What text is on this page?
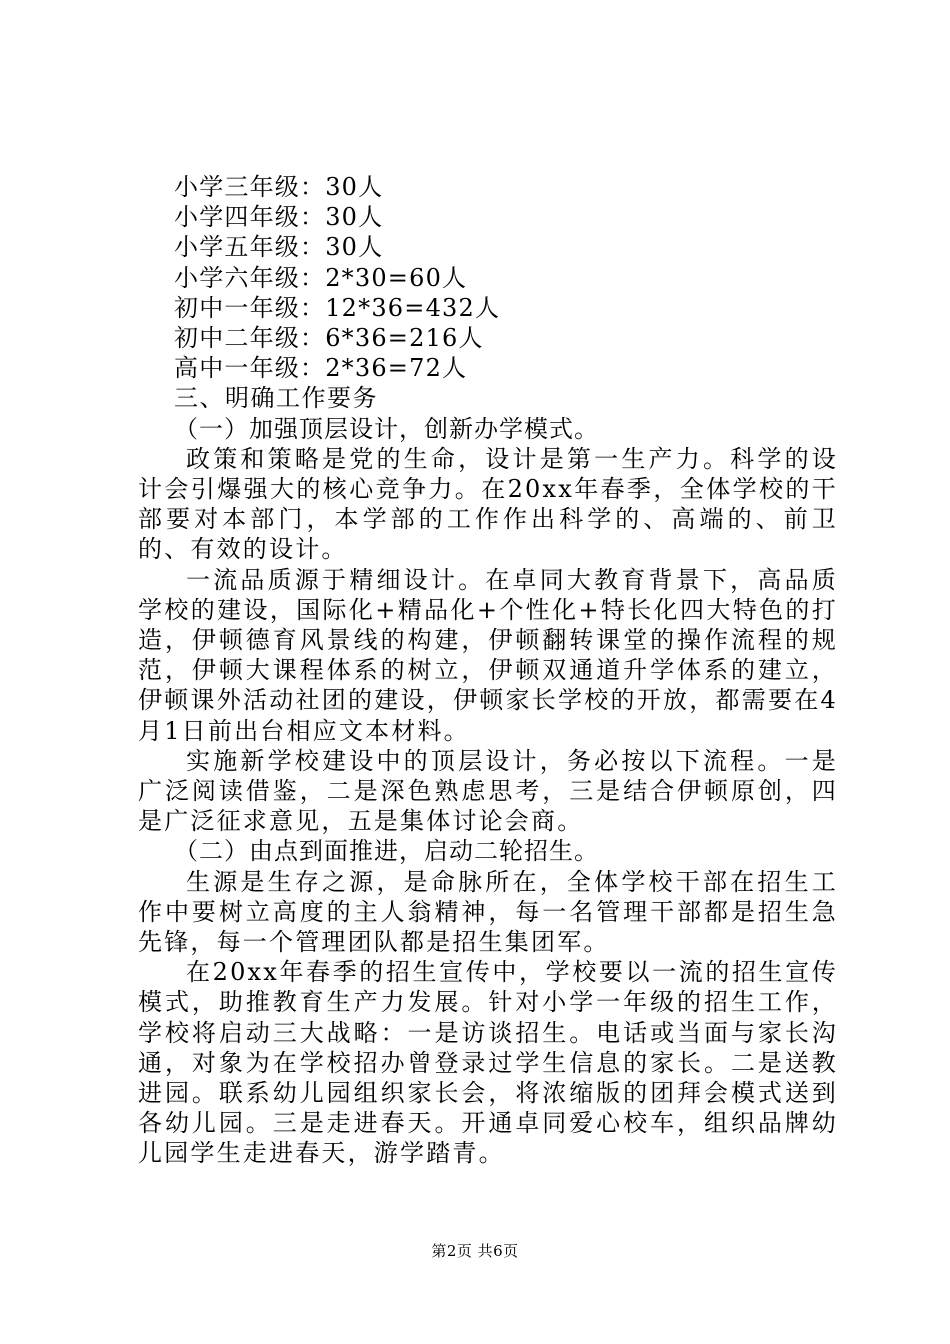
小学三年级：30人
小学四年级：30人
小学五年级：30人
小学六年级：2*30=60人
初中一年级：12*36=432人
初中二年级：6*36=216人
高中一年级：2*36=72人
三、明确工作要务
（一）加强顶层设计，创新办学模式。
政策和策略是党的生命，设计是第一生产力。科学的设计会引爆强大的核心竞争力。在20xx年春季，全体学校的干部要对本部门，本学部的工作作出科学的、高端的、前卫的、有效的设计。
一流品质源于精细设计。在卓同大教育背景下，高品质学校的建设，国际化+精品化+个性化+特长化四大特色的打造，伊顿德育风景线的构建，伊顿翻转课堂的操作流程的规范，伊顿大课程体系的树立，伊顿双通道升学体系的建立，伊顿课外活动社团的建设，伊顿家长学校的开放，都需要在4月1日前出台相应文本材料。
实施新学校建设中的顶层设计，务必按以下流程。一是广泛阅读借鉴，二是深色熟虑思考，三是结合伊顿原创，四是广泛征求意见，五是集体讨论会商。
（二）由点到面推进，启动二轮招生。
生源是生存之源，是命脉所在，全体学校干部在招生工作中要树立高度的主人翁精神，每一名管理干部都是招生急先锋，每一个管理团队都是招生集团军。
在20xx年春季的招生宣传中，学校要以一流的招生宣传模式，助推教育生产力发展。针对小学一年级的招生工作，学校将启动三大战略：一是访谈招生。电话或当面与家长沟通，对象为在学校招办曾登录过学生信息的家长。二是送教进园。联系幼儿园组织家长会，将浓缩版的团拜会模式送到各幼儿园。三是走进春天。开通卓同爱心校车，组织品牌幼儿园学生走进春天，游学踏青。
第2页 共6页
